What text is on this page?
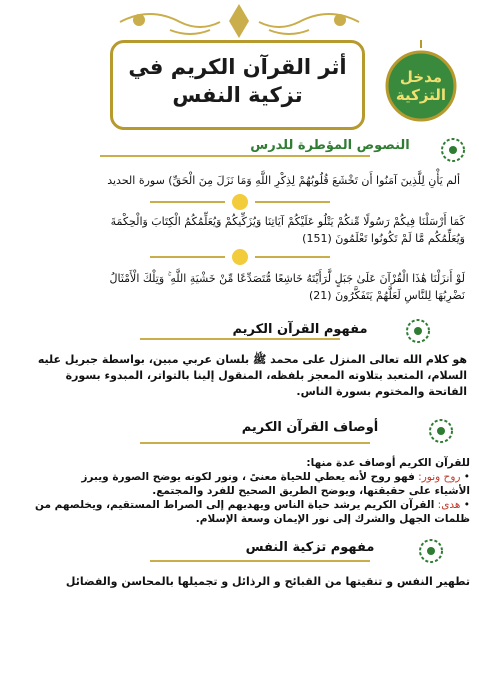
أثر القرآن الكريم في
تزكية النفس
مدخل
التزكية
النصوص المؤطرة للدرس
ألم يَأْنِ لِلَّذِينَ آمَنُوا أَن تَخْشَعَ قُلُوبُهُمْ لِذِكْرِ اللَّهِ وَمَا نَزَلَ مِنَ الْحَقِّ) سورة الحديد
كَمَا أَرْسَلْنَا فِيكُمْ رَسُولًا مِّنكُمْ يَتْلُو عَلَيْكُمْ آيَاتِنَا وَيُزَكِّيكُمْ وَيُعَلِّمُكُمُ الْكِتَابَ وَالْحِكْمَةَ
وَيُعَلِّمُكُم مَّا لَمْ تَكُونُوا تَعْلَمُونَ (151)
لَوْ أَنزَلْنَا هَٰذَا الْقُرْآنَ عَلَىٰ جَبَلٍ لَّرَأَيْتَهُ خَاشِعًا مُّتَصَدِّعًا مِّنْ خَشْيَةِ اللَّهِ ۚ وَتِلْكَ الْأَمْثَالُ
نَضْرِبُهَا لِلنَّاسِ لَعَلَّهُمْ يَتَفَكَّرُونَ (21)
مفهوم القرآن الكريم
هو كلام الله تعالى المنزل على محمد ﷺ بلسان عربي مبين، بواسطة جبريل عليه
السلام، المتعبد بتلاوته المعجز بلفظه، المنقول إلينا بالتواتر، المبدوء بسورة
الفاتحة والمختوم بسورة الناس.
أوصاف القرآن الكريم
للقرآن الكريم أوصاف عدة منها:
• روح ونور: فهو روح لأنه يعطي للحياة معنىً ، ونور لكونه يوضح الصورة ويبرز
الأشياء على حقيقتها، ويوضح الطريق الصحيح للفرد والمجتمع.
• هدى: القرآن الكريم يرشد حياة الناس ويهديهم إلى الصراط المستقيم، ويخلصهم من
ظلمات الجهل والشرك إلى نور الإيمان وسعة الإسلام.
مفهوم تزكية النفس
تطهير النفس و تنقيتها من القبائح و الرذائل و تجميلها بالمحاسن والفضائل
